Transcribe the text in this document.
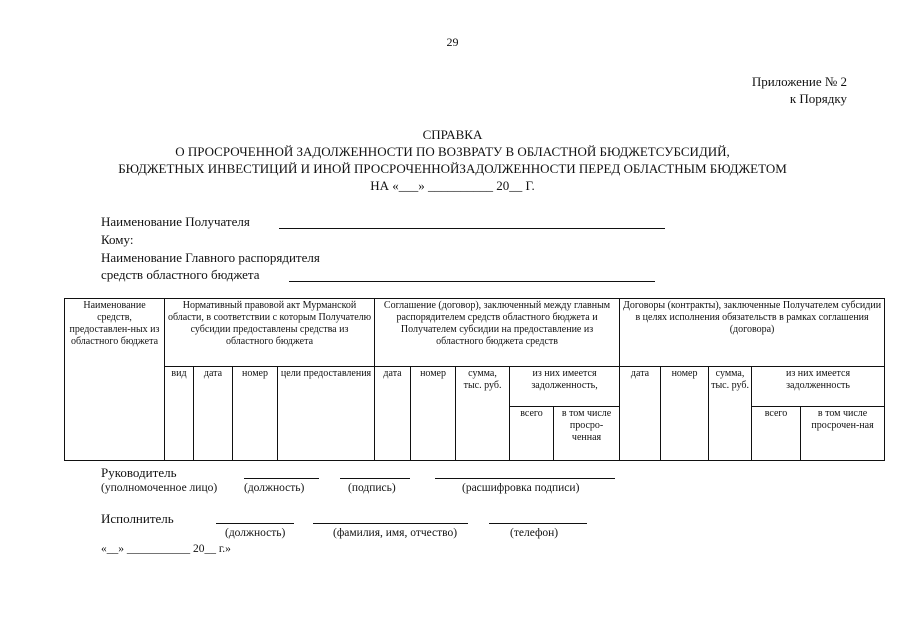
29
Приложение № 2
к Порядку
СПРАВКА
О ПРОСРОЧЕННОЙ ЗАДОЛЖЕННОСТИ ПО ВОЗВРАТУ В ОБЛАСТНОЙ БЮДЖЕТСУБСИДИЙ,
БЮДЖЕТНЫХ ИНВЕСТИЦИЙ И ИНОЙ ПРОСРОЧЕННОЙЗАДОЛЖЕННОСТИ ПЕРЕД ОБЛАСТНЫМ БЮДЖЕТОМ
НА «___» __________ 20__ Г.
Наименование Получателя
Кому:
Наименование Главного распорядителя
средств областного бюджета
Наименование средств, предоставлен-ных из областного бюджета	Нормативный правовой акт Мурманской области, в соответствии с которым Получателю субсидии предоставлены средства из областного бюджета				Соглашение (договор), заключенный между главным распорядителем средств областного бюджета и Получателем субсидии на предоставление из областного бюджета средств					Договоры (контракты), заключенные Получателем субсидии в целях исполнения обязательств в рамках соглашения (договора)				
	вид	дата	номер	цели предоставления	дата	номер	сумма, тыс. руб.	из них имеется задолженность,		дата	номер	сумма, тыс. руб.	из них имеется задолженность	
								всего	в том числе просро-ченная				всего	в том числе просрочен-ная
Руководитель
(уполномоченное лицо) (должность)	(подпись)	(расшифровка подписи)
Исполнитель
(должность)	(фамилия, имя, отчество)	(телефон)
«__» ___________ 20__ г.»
